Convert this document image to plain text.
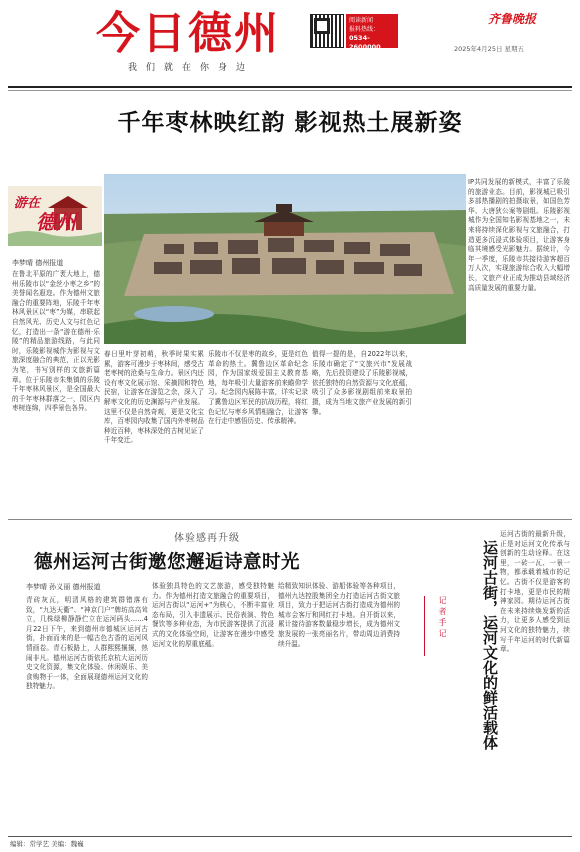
今日德州
我们就在你身边
阅读新闻
报料热线：
0534-2600000
齐鲁晚报
2025年4月25日 星期五
千年枣林映红韵 影视热土展新姿
游在
德州
李梦晴 德州报道
在鲁北平原的广袤大地上，德州乐陵市以“金丝小枣之乡”的美誉闻名遐迩。作为德州文旅融合的重要阵地，乐陵千年枣林风景区以“枣”为媒，串联起自然风光、历史人文与红色记忆，打造出一条“游在德州·乐陵”的精品旅游线路，与此同时，乐陵影视城作为影视与文旅深度融合的典范，正以光影为笔，书写别样的文旅新篇章。位于乐陵市朱集镇的乐陵千年枣林风景区，是全国最大的千年枣林群落之一，园区内枣树连绵，四季景色各异。
春日里叶芽初萌，秋季时果实累累，游客可漫步于枣林间，感受古老枣树的沧桑与生命力。景区内还设有枣文化展示馆、采摘园和特色民宿，让游客在游览之余，深入了解枣文化的历史渊源与产业发展。这里不仅是自然奇观，更是文化宝库，百枣园内收集了国内外枣树品种近百种，枣林深处的古树见证了千年变迁。
乐陵市不仅是枣的故乡，更是红色革命的热土。冀鲁边区革命纪念园，作为国家级爱国主义教育基地，每年吸引大量游客前来瞻仰学习。纪念园内展陈丰富，详实记录了冀鲁边区军民的抗战历程，将红色记忆与枣乡风情相融合，让游客在行走中感悟历史、传承精神。
值得一提的是，自2022年以来，乐陵市确定了“文旅兴市”发展战略，先后投资建设了乐陵影视城，依托独特的自然资源与文化底蕴，吸引了众多影视剧组前来取景拍摄，成为当地文旅产业发展的新引擎。
IP共同发展的新模式，丰富了乐陵的旅游业态。目前，影视城已吸引多部热播剧的拍摄取景，如国色芳华、大唐狄公案等剧组。乐陵影视城作为全国知名影视基地之一，未来将持续深化影视与文旅融合，打造更多沉浸式体验项目，让游客身临其境感受光影魅力。据统计，今年一季度，乐陵市共接待游客超百万人次，实现旅游综合收入大幅增长，文旅产业正成为推动县域经济高质量发展的重要力量。
体验感再升级
德州运河古街邀您邂逅诗意时光
李梦晴 孙义丽 德州报道
青砖灰瓦，明清风格的建筑群错落有致，“九达天衢”、“神京门户”牌坊高高耸立，几株绿柳静静伫立在运河码头……4月22日下午，来到德州市德城区运河古街，扑面而来的是一幅古色古香的运河风情画卷。青石板路上，人群熙熙攘攘，热闹非凡。德州运河古街依托京杭大运河历史文化资源，集文化体验、休闲娱乐、美食购物于一体，全面展现德州运河文化的独特魅力。
体验独具特色的文艺旅游，感受独特魅力。作为德州打造文旅融合的重要项目，运河古街以“运河+”为核心，不断丰富业态布局，引入非遗展示、民俗表演、特色餐饮等多种业态，为市民游客提供了沉浸式的文化体验空间，让游客在漫步中感受运河文化的厚重底蕴。
给精致知识体验、游船体验等各种项目，德州九达控股集团全力打造运河古街文旅项目，致力于把运河古街打造成为德州的城市会客厅和网红打卡地。自开街以来，累计接待游客数量稳步增长，成为德州文旅发展的一张亮丽名片，带动周边消费持续升温。
记者手记	运河古街，运河文化的鲜活载体
运河古街的最新升级，正是对运河文化传承与创新的生动诠释。在这里，一砖一瓦、一景一物，都承载着城市的记忆。古街不仅是游客的打卡地，更是市民的精神家园。期待运河古街在未来持续焕发新的活力，让更多人感受到运河文化的独特魅力，续写千年运河的时代新篇章。
编辑：常学艺 美编：魏巍
